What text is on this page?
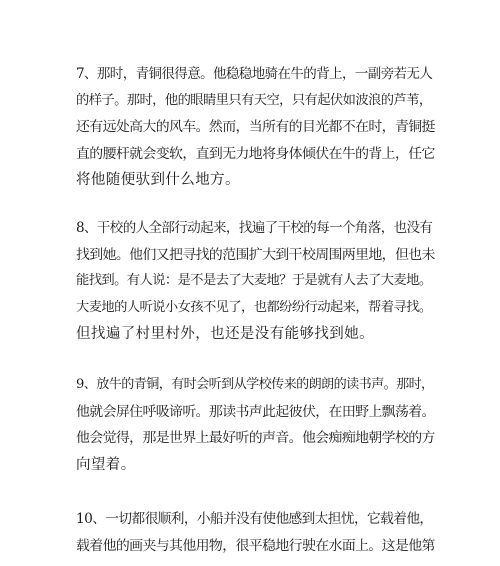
7、那时，青铜很得意。他稳稳地骑在牛的背上，一副旁若无人
的样子。那时，他的眼睛里只有天空，只有起伏如波浪的芦苇，
还有远处高大的风车。然而，当所有的目光都不在时，青铜挺
直的腰杆就会变软，直到无力地将身体倾伏在牛的背上，任它
将他随便驮到什么地方。
8、干校的人全部行动起来，找遍了干校的每一个角落，也没有
找到她。他们又把寻找的范围扩大到干校周围两里地，但也未
能找到。有人说：是不是去了大麦地？于是就有人去了大麦地。
大麦地的人听说小女孩不见了，也都纷纷行动起来，帮着寻找。
但找遍了村里村外，也还是没有能够找到她。
9、放牛的青铜，有时会听到从学校传来的朗朗的读书声。那时，
他就会屏住呼吸谛听。那读书声此起彼伏，在田野上飘荡着。
他会觉得，那是世界上最好听的声音。他会痴痴地朝学校的方
向望着。
10、一切都很顺利，小船并没有使他感到太担忧，它载着他，
载着他的画夹与其他用物，很平稳地行驶在水面上。这是他第
